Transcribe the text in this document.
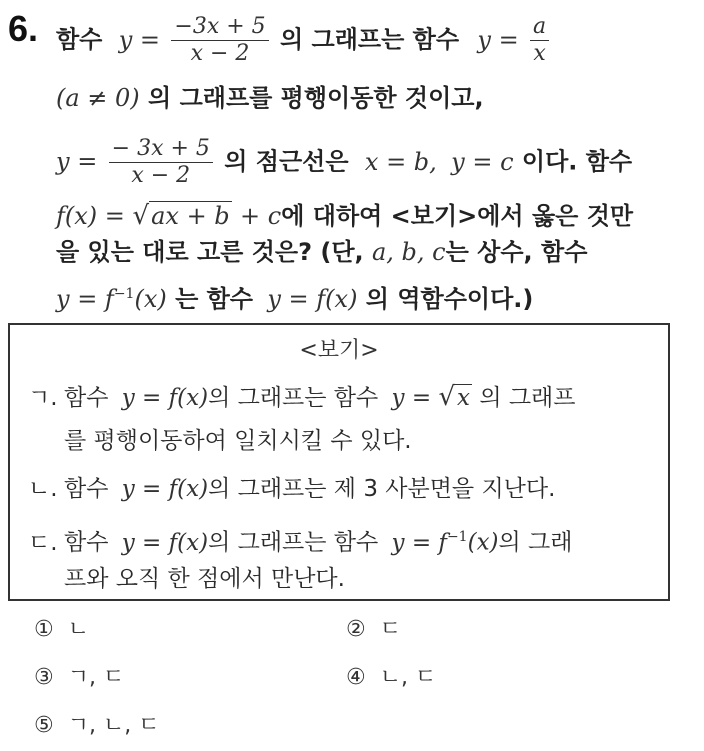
6. 함수 $y = \frac{-3x + 5}{x - 2}$ 의 그래프는 함수 $y = \frac{a}{x}$
(a ≠ 0) 의 그래프를 평행이동한 것이고,
$y = \frac{- 3x + 5}{x - 2}$ 의 점근선은 x = b, y = c 이다. 함수
f(x) = √ax + b + c에 대하여 <보기>에서 옳은 것만
을 있는 대로 고른 것은? (단, a, b, c는 상수, 함수
$y = f^{-1}(x)$ 는 함수 y = f(x) 의 역함수이다.)
<보기>
ㄱ. 함수 y = f(x)의 그래프는 함수 y = √x 의 그래프
를 평행이동하여 일치시킬 수 있다.
ㄴ. 함수 y = f(x)의 그래프는 제 3 사분면을 지난다.
ㄷ. 함수 y = f(x)의 그래프는 함수 $y = f^{-1}(x)$의 그래
프와 오직 한 점에서 만난다.
① ㄴ	② ㄷ
③ ㄱ, ㄷ	④ ㄴ, ㄷ
⑤ ㄱ, ㄴ, ㄷ
